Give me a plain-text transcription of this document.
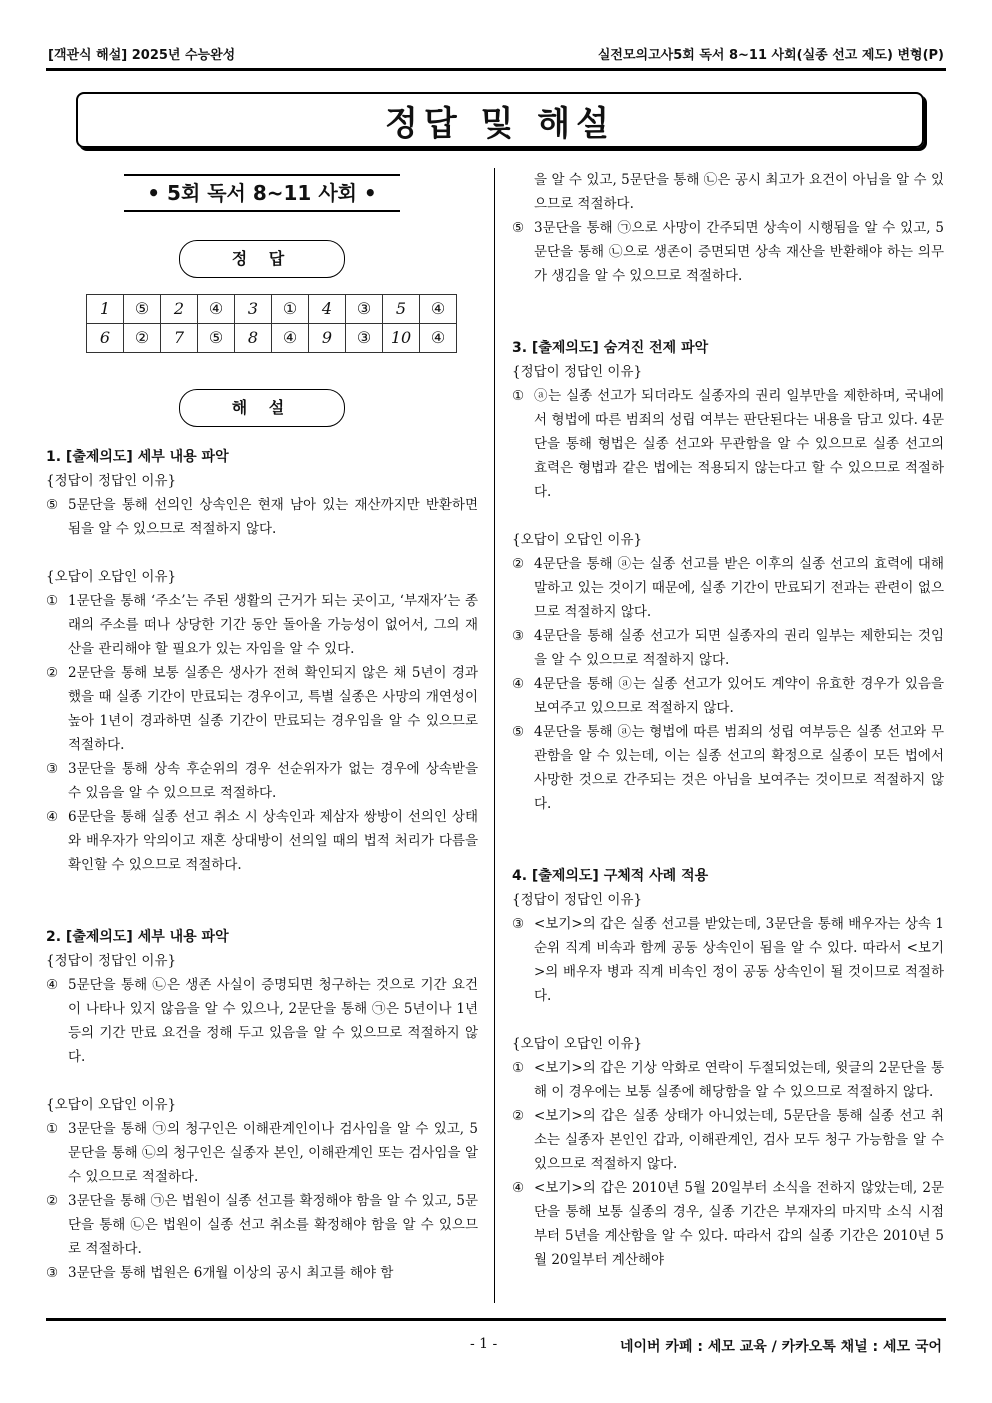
[객관식 해설] 2025년 수능완성	실전모의고사5회 독서 8~11 사회(실종 선고 제도) 변형(P)
정답 및 해설
• 5회 독서 8~11 사회 •
정 답
1	⑤	2	④	3	①	4	③	5	④
6	②	7	⑤	8	④	9	③	10	④
해 설
1. [출제의도] 세부 내용 파악
{정답이 정답인 이유}
⑤ 5문단을 통해 선의인 상속인은 현재 남아 있는 재산까지만 반환하면 됨을 알 수 있으므로 적절하지 않다.
{오답이 오답인 이유}
① 1문단을 통해 ‘주소’는 주된 생활의 근거가 되는 곳이고, ‘부재자’는 종래의 주소를 떠나 상당한 기간 동안 돌아올 가능성이 없어서, 그의 재산을 관리해야 할 필요가 있는 자임을 알 수 있다.
② 2문단을 통해 보통 실종은 생사가 전혀 확인되지 않은 채 5년이 경과했을 때 실종 기간이 만료되는 경우이고, 특별 실종은 사망의 개연성이 높아 1년이 경과하면 실종 기간이 만료되는 경우임을 알 수 있으므로 적절하다.
③ 3문단을 통해 상속 후순위의 경우 선순위자가 없는 경우에 상속받을 수 있음을 알 수 있으므로 적절하다.
④ 6문단을 통해 실종 선고 취소 시 상속인과 제삼자 쌍방이 선의인 상태와 배우자가 악의이고 재혼 상대방이 선의일 때의 법적 처리가 다름을 확인할 수 있으므로 적절하다.
2. [출제의도] 세부 내용 파악
{정답이 정답인 이유}
④ 5문단을 통해 ㉡은 생존 사실이 증명되면 청구하는 것으로 기간 요건이 나타나 있지 않음을 알 수 있으나, 2문단을 통해 ㉠은 5년이나 1년 등의 기간 만료 요건을 정해 두고 있음을 알 수 있으므로 적절하지 않다.
{오답이 오답인 이유}
① 3문단을 통해 ㉠의 청구인은 이해관계인이나 검사임을 알 수 있고, 5문단을 통해 ㉡의 청구인은 실종자 본인, 이해관계인 또는 검사임을 알 수 있으므로 적절하다.
② 3문단을 통해 ㉠은 법원이 실종 선고를 확정해야 함을 알 수 있고, 5문단을 통해 ㉡은 법원이 실종 선고 취소를 확정해야 함을 알 수 있으므로 적절하다.
③ 3문단을 통해 법원은 6개월 이상의 공시 최고를 해야 함
을 알 수 있고, 5문단을 통해 ㉡은 공시 최고가 요건이 아님을 알 수 있으므로 적절하다.
⑤ 3문단을 통해 ㉠으로 사망이 간주되면 상속이 시행됨을 알 수 있고, 5문단을 통해 ㉡으로 생존이 증면되면 상속 재산을 반환해야 하는 의무가 생김을 알 수 있으므로 적절하다.
3. [출제의도] 숨겨진 전제 파악
{정답이 정답인 이유}
① ⓐ는 실종 선고가 되더라도 실종자의 권리 일부만을 제한하며, 국내에서 형법에 따른 범죄의 성립 여부는 판단된다는 내용을 담고 있다. 4문단을 통해 형법은 실종 선고와 무관함을 알 수 있으므로 실종 선고의 효력은 형법과 같은 법에는 적용되지 않는다고 할 수 있으므로 적절하다.
{오답이 오답인 이유}
② 4문단을 통해 ⓐ는 실종 선고를 받은 이후의 실종 선고의 효력에 대해 말하고 있는 것이기 때문에, 실종 기간이 만료되기 전과는 관련이 없으므로 적절하지 않다.
③ 4문단을 통해 실종 선고가 되면 실종자의 권리 일부는 제한되는 것임을 알 수 있으므로 적절하지 않다.
④ 4문단을 통해 ⓐ는 실종 선고가 있어도 계약이 유효한 경우가 있음을 보여주고 있으므로 적절하지 않다.
⑤ 4문단을 통해 ⓐ는 형법에 따른 범죄의 성립 여부등은 실종 선고와 무관함을 알 수 있는데, 이는 실종 선고의 확정으로 실종이 모든 법에서 사망한 것으로 간주되는 것은 아님을 보여주는 것이므로 적절하지 않다.
4. [출제의도] 구체적 사례 적용
{정답이 정답인 이유}
③ <보기>의 갑은 실종 선고를 받았는데, 3문단을 통해 배우자는 상속 1순위 직계 비속과 함께 공동 상속인이 됨을 알 수 있다. 따라서 <보기>의 배우자 병과 직계 비속인 정이 공동 상속인이 될 것이므로 적절하다.
{오답이 오답인 이유}
① <보기>의 갑은 기상 악화로 연락이 두절되었는데, 윗글의 2문단을 통해 이 경우에는 보통 실종에 해당함을 알 수 있으므로 적절하지 않다.
② <보기>의 갑은 실종 상태가 아니었는데, 5문단을 통해 실종 선고 취소는 실종자 본인인 갑과, 이해관계인, 검사 모두 청구 가능함을 알 수 있으므로 적절하지 않다.
④ <보기>의 갑은 2010년 5월 20일부터 소식을 전하지 않았는데, 2문단을 통해 보통 실종의 경우, 실종 기간은 부재자의 마지막 소식 시점부터 5년을 계산함을 알 수 있다. 따라서 갑의 실종 기간은 2010년 5월 20일부터 계산해야
- 1 -	네이버 카페 : 세모 교육 / 카카오톡 채널 : 세모 국어
